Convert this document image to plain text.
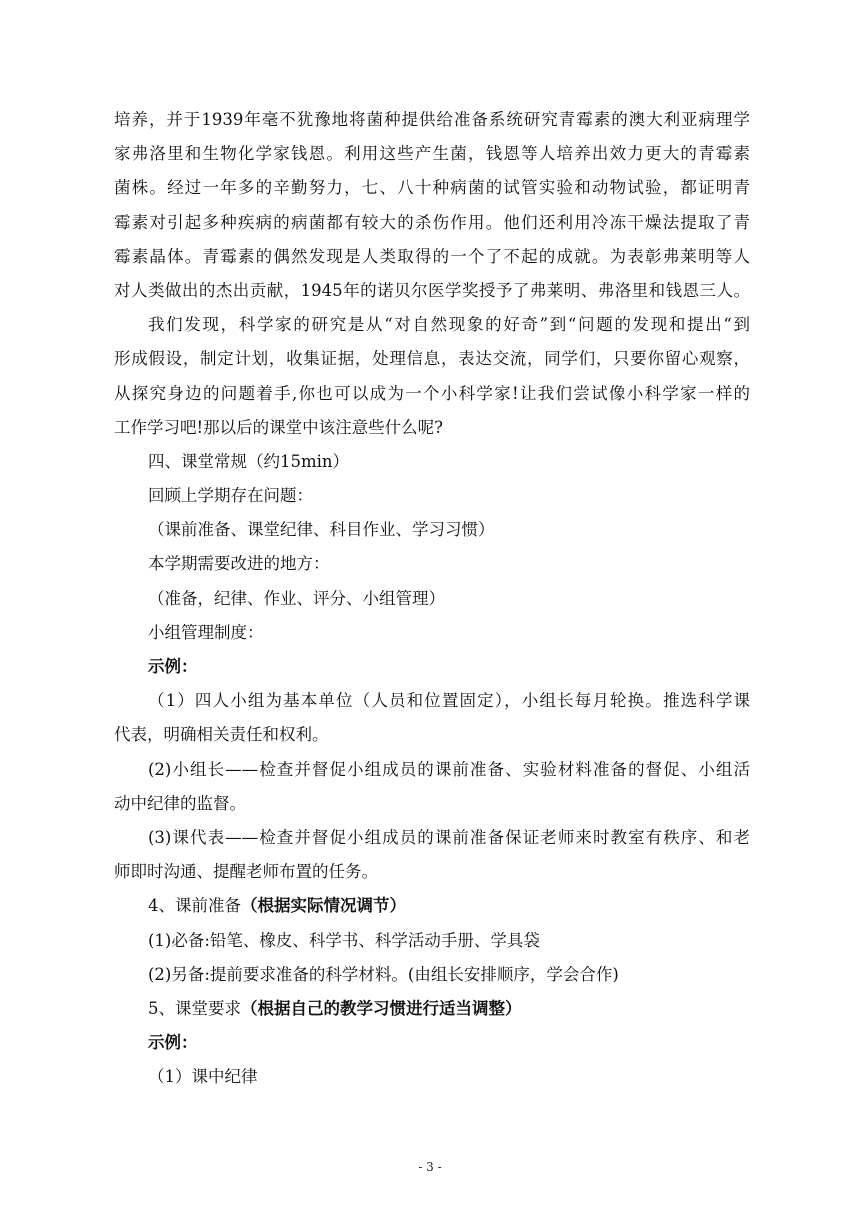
培养，并于1939年毫不犹豫地将菌种提供给准备系统研究青霉素的澳大利亚病理学
家弗洛里和生物化学家钱恩。利用这些产生菌，钱恩等人培养出效力更大的青霉素
菌株。经过一年多的辛勤努力，七、八十种病菌的试管实验和动物试验，都证明青
霉素对引起多种疾病的病菌都有较大的杀伤作用。他们还利用冷冻干燥法提取了青
霉素晶体。青霉素的偶然发现是人类取得的一个了不起的成就。为表彰弗莱明等人
对人类做出的杰出贡献，1945年的诺贝尔医学奖授予了弗莱明、弗洛里和钱恩三人。
我们发现，科学家的研究是从“对自然现象的好奇”到“问题的发现和提出“到
形成假设，制定计划，收集证据，处理信息，表达交流，同学们，只要你留心观察，
从探究身边的问题着手,你也可以成为一个小科学家!让我们尝试像小科学家一样的
工作学习吧!那以后的课堂中该注意些什么呢?
四、课堂常规（约15min）
回顾上学期存在问题：
（课前准备、课堂纪律、科目作业、学习习惯）
本学期需要改进的地方：
（准备，纪律、作业、评分、小组管理）
小组管理制度：
示例：
（1）四人小组为基本单位（人员和位置固定），小组长每月轮换。推选科学课
代表，明确相关责任和权利。
(2)小组长——检查并督促小组成员的课前准备、实验材料准备的督促、小组活
动中纪律的监督。
(3)课代表——检查并督促小组成员的课前准备保证老师来时教室有秩序、和老
师即时沟通、提醒老师布置的任务。
4、课前准备（根据实际情况调节）
(1)必备:铅笔、橡皮、科学书、科学活动手册、学具袋
(2)另备:提前要求准备的科学材料。(由组长安排顺序，学会合作)
5、课堂要求（根据自己的教学习惯进行适当调整）
示例：
（1）课中纪律
- 3 -
